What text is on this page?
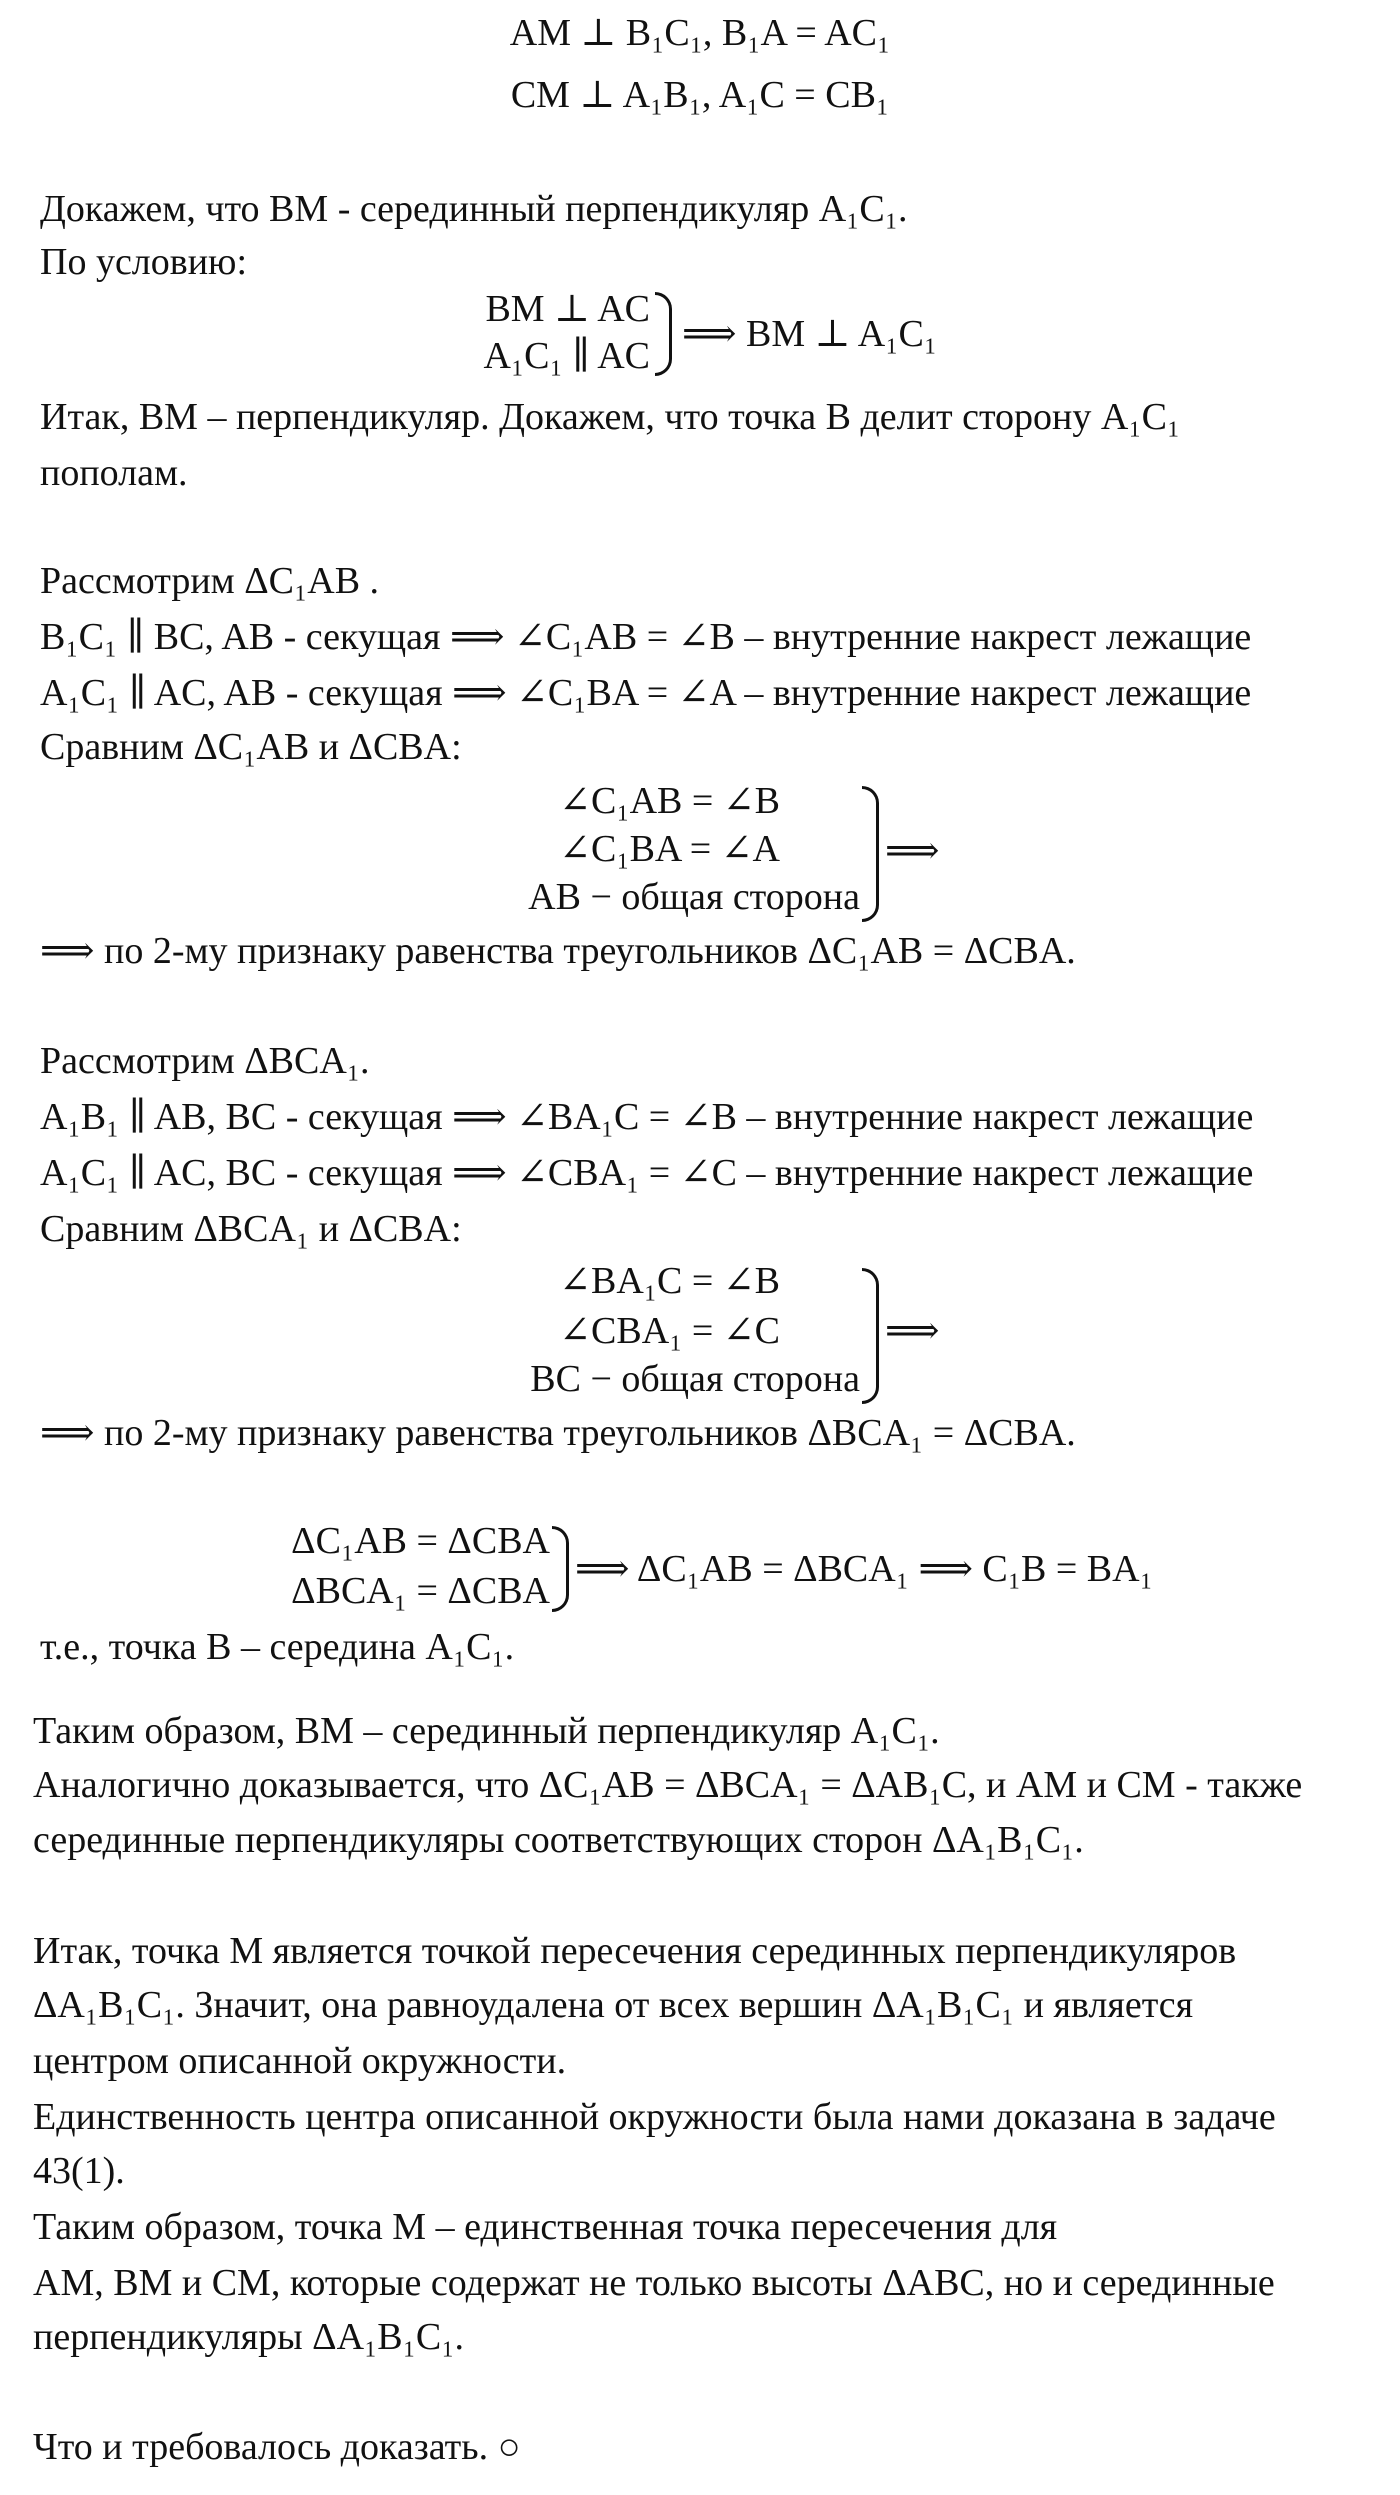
AM ⊥ B₁C₁, B₁A = AC₁
CM ⊥ A₁B₁, A₁C = CB₁
Докажем, что BM - серединный перпендикуляр A₁C₁.
По условию:
BM ⊥ AC
A₁C₁ ∥ AC
⟹ BM ⊥ A₁C₁
Итак, BM – перпендикуляр. Докажем, что точка B делит сторону A₁C₁
пополам.
Рассмотрим ΔC₁AB .
B₁C₁ ∥ BC, AB - секущая ⟹ ∠C₁AB = ∠B – внутренние накрест лежащие
A₁C₁ ∥ AC, AB - секущая ⟹ ∠C₁BA = ∠A – внутренние накрест лежащие
Сравним ΔC₁AB и ΔCBA:
∠C₁AB = ∠B
∠C₁BA = ∠A
AB − общая сторона
⟹
⟹ по 2-му признаку равенства треугольников ΔC₁AB = ΔCBA.
Рассмотрим ΔBCA₁.
A₁B₁ ∥ AB, BC - секущая ⟹ ∠BA₁C = ∠B – внутренние накрест лежащие
A₁C₁ ∥ AC, BC - секущая ⟹ ∠CBA₁ = ∠C – внутренние накрест лежащие
Сравним ΔBCA₁ и ΔCBA:
∠BA₁C = ∠B
∠CBA₁ = ∠C
BC − общая сторона
⟹
⟹ по 2-му признаку равенства треугольников ΔBCA₁ = ΔCBA.
ΔC₁AB = ΔCBA
ΔBCA₁ = ΔCBA
⟹ ΔC₁AB = ΔBCA₁ ⟹ C₁B = BA₁
т.е., точка B – середина A₁C₁.
Таким образом, BM – серединный перпендикуляр A₁C₁.
Аналогично доказывается, что ΔC₁AB = ΔBCA₁ = ΔAB₁C, и AM и CM - также
серединные перпендикуляры соответствующих сторон ΔA₁B₁C₁.
Итак, точка M является точкой пересечения серединных перпендикуляров
ΔA₁B₁C₁. Значит, она равноудалена от всех вершин ΔA₁B₁C₁ и является
центром описанной окружности.
Единственность центра описанной окружности была нами доказана в задаче
43(1).
Таким образом, точка M – единственная точка пересечения для
AM, BM и CM, которые содержат не только высоты ΔABC, но и серединные
перпендикуляры ΔA₁B₁C₁.
Что и требовалось доказать. ○
